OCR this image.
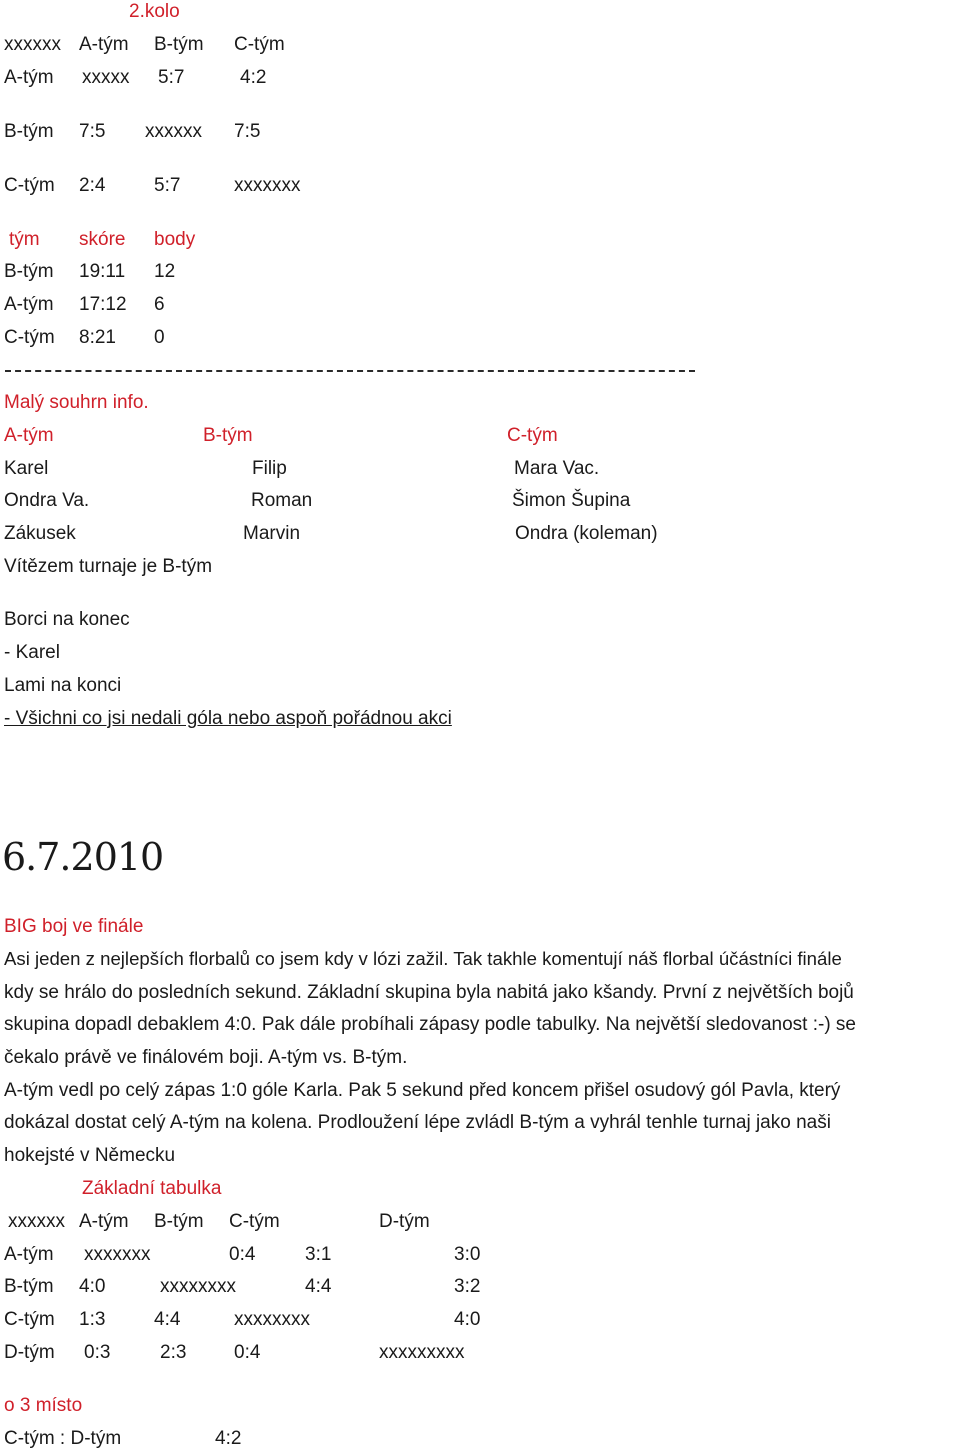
2.kolo
xxxxxx A-tým B-tým C-tým
A-tým xxxxx 5:7	4:2
B-tým 7:5 xxxxxx 7:5
C-tým 2:4	5:7	xxxxxxx
tým skóre body
B-tým 19:11 12
A-tým 17:12 6
C-tým 8:21 0
Malý souhrn info.
A-tým	B-tým	C-tým
Karel	Filip	Mara Vac.
Ondra Va.	Roman	Šimon Šupina
Zákusek	Marvin	Ondra (koleman)
Vítězem turnaje je B-tým
Borci na konec
- Karel
Lami na konci
- Všichni co jsi nedali góla nebo aspoň pořádnou akci
6.7.2010
BIG boj ve finále
Asi jeden z nejlepších florbalů co jsem kdy v lózi zažil. Tak takhle komentují náš florbal účástníci finále
kdy se hrálo do posledních sekund. Základní skupina byla nabitá jako kšandy. První z největších bojů
skupina dopadl debaklem 4:0. Pak dále probíhali zápasy podle tabulky. Na největší sledovanost :-) se
čekalo právě ve finálovém boji. A-tým vs. B-tým.
A-tým vedl po celý zápas 1:0 góle Karla. Pak 5 sekund před koncem přišel osudový gól Pavla, který
dokázal dostat celý A-tým na kolena. Prodloužení lépe zvládl B-tým a vyhrál tenhle turnaj jako naši
hokejsté v Německu
Základní tabulka
xxxxxx A-tým B-tým C-tým	D-tým
A-tým xxxxxxx	0:4	3:1	3:0
B-tým 4:0	xxxxxxxx	4:4	3:2
C-tým 1:3	4:4	xxxxxxxx	4:0
D-tým 0:3	2:3	0:4	xxxxxxxxx
o 3 místo
C-tým : D-tým	4:2
